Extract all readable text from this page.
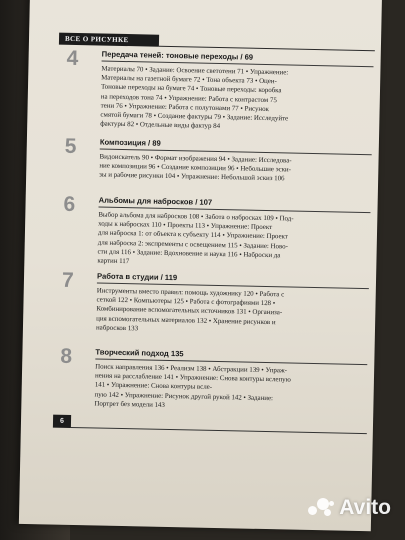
ВСЕ О РИСУНКЕ
4	Передача теней: тоновые переходы / 69
Материалы 70 • Задание: Освоение светотени 71 • Упражнение:
Материалы на газетной бумаге 72 • Тона объекта 73 • Оцен-
Тоновые переходы на бумаге 74 • Тоновые переходы: коробка
на переходов тона 74 • Упражнение: Работа с контрастом 75
тени 76 • Упражнение: Работа с полутонами 77 • Рисунок
смятой бумаги 78 • Создание фактуры 79 • Задание: Исследуйте
фактуры 82 • Отдельные виды фактур 84
5	Композиция / 89
Видоискатель 90 • Формат изображения 94 • Задание: Исследова-
ние композиции 96 • Создание композиции 96 • Небольшие эски-
зы и рабочие рисунки 104 • Упражнение: Небольшой эскиз 106
6	Альбомы для набросков / 107
Выбор альбома для набросков 108 • Забота о набросках 109 • Под-
ходы к набросках 110 • Проекты 113 • Упражнение: Проект
для наброска 1: от объекта к субъекту 114 • Упражнение: Проект
для наброска 2: экспременты с освещением 115 • Задание: Ново-
сти для 116 • Задание: Вдохновение и наука 116 • Наброски да
картин 117
7	Работа в студии / 119
Инструменты вместо правил: помощь художнику 120 • Работа с
сеткой 122 • Компьютеры 125 • Работа с фотографиями 128 •
Комбинирование вспомогательных источников 131 • Организа-
ция вспомогательных материалов 132 • Хранение рисунков и
набросков 133
8	Творческий подход 135
Поиск направления 136 • Реализм 138 • Абстракции 139 • Упраж-
нения на расслабление 141 • Упражнение: Снова контуры вслепую
141 • Упражнение: Снова контуры всле-
пую 142 • Упражнение: Рисунок другой рукой 142 • Задание:
Портрет без модели 143
6
Avito
